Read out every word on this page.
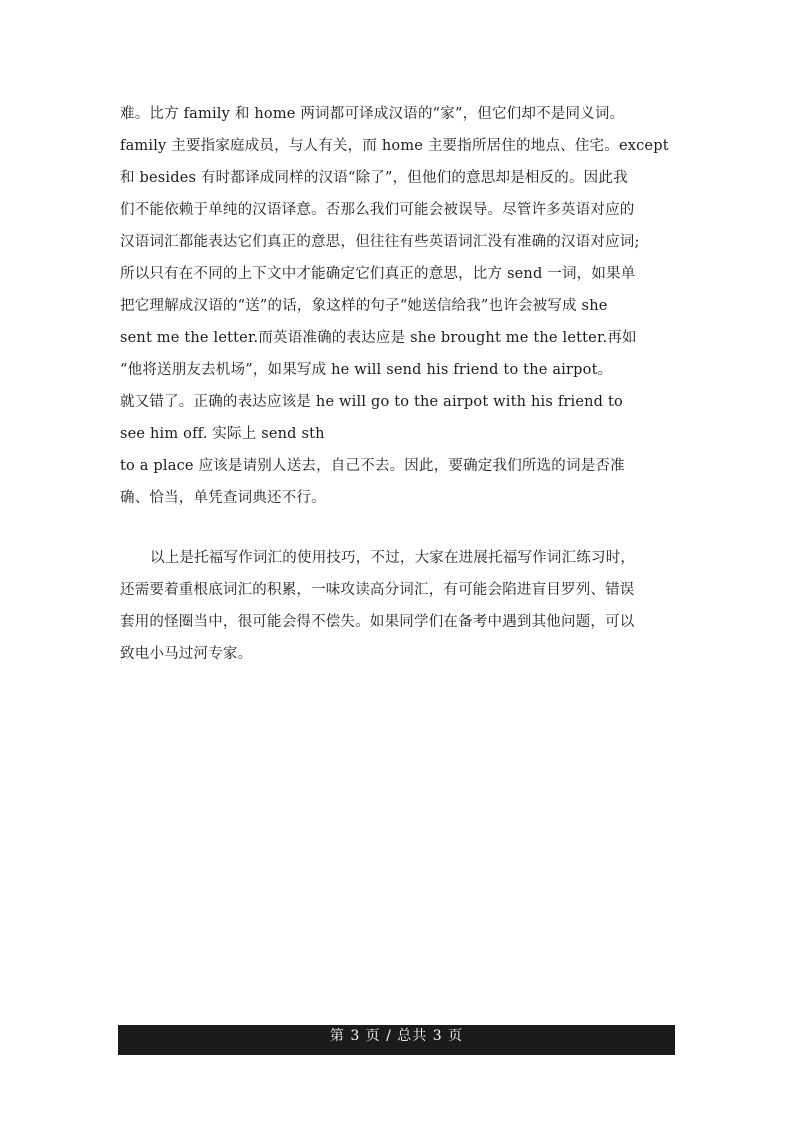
难。比方 family 和 home 两词都可译成汉语的“家”，但它们却不是同义词。
family 主要指家庭成员，与人有关，而 home 主要指所居住的地点、住宅。except
和 besides 有时都译成同样的汉语“除了”，但他们的意思却是相反的。因此我
们不能依赖于单纯的汉语译意。否那么我们可能会被误导。尽管许多英语对应的
汉语词汇都能表达它们真正的意思，但往往有些英语词汇没有准确的汉语对应词;
所以只有在不同的上下文中才能确定它们真正的意思，比方 send 一词，如果单
把它理解成汉语的“送”的话，象这样的句子“她送信给我”也许会被写成 she
sent me the letter.而英语准确的表达应是 she brought me the letter.再如
“他将送朋友去机场”，如果写成 he will send his friend to the airpot。
就又错了。正确的表达应该是 he will go to the airpot with his friend to
see him off. 实际上 send sth
to a place 应该是请别人送去，自己不去。因此，要确定我们所选的词是否准
确、恰当，单凭查词典还不行。
以上是托福写作词汇的使用技巧，不过，大家在进展托福写作词汇练习时，
还需要着重根底词汇的积累，一味攻读高分词汇，有可能会陷进盲目罗列、错误
套用的怪圈当中，很可能会得不偿失。如果同学们在备考中遇到其他问题，可以
致电小马过河专家。
第 3 页 / 总共 3 页
